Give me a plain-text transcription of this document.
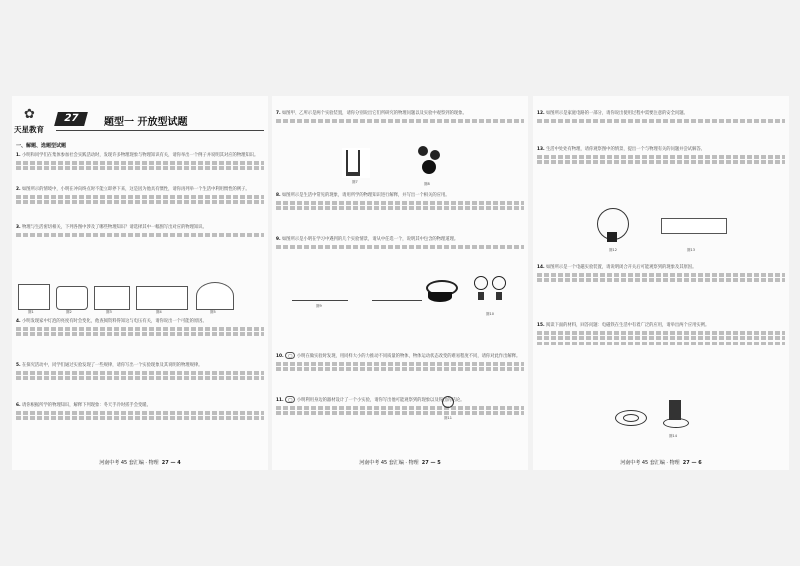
✿
天星教育
27	题型一 开放型试题
一、解题、选题型试题
1. 小明和同学们在集体参加社会实践活动时，发现许多物理现象与物理知识有关，请你举出一个例子并说明其对应的物理知识。
2. 如图所示的情境中，小明在冲向终点时不能立即停下来，这是因为他具有惯性，请你再列举一个生活中利用惯性的例子。
3. 物理与生活密切相关，下列各图中涉及了哪些物理知识？请选择其中一幅图写出对应的物理知识。
图1	图2	图3	图4	图5
4. 小明发现家中灯泡的亮度有时会变化，他查阅资料得知这与电压有关，请你说出一个可能的原因。
5. 在探究活动中，同学们通过实验发现了一些规律，请你写出一个实验现象及其说明的物理规律。
6. 请你根据所学的物理知识，解释下列现象：冬天手冷时搓手会变暖。
河南中考 45 套汇编 · 物理 27 — 4
7. 如图甲、乙所示是两个实验装置，请你分别说出它们所研究的物理问题以及实验中观察到的现象。
图7	图8
8. 如图所示是生活中常见的现象，请用所学的物理知识进行解释，并写出一个相关的应用。
9. 如图所示是小明在学习中遇到的几个实验情景，请从中任选一个，说明其中包含的物理道理。
图9
图10
10. ◯ 小明在做实验时发现，用同样大小的力推动不同质量的物体，物体运动状态改变的难易程度不同，请你对此作出解释。
11. ◯ 小明利用身边的器材设计了一个小实验，请你写出他可能观察到的现象以及得出的结论。
图11
河南中考 45 套汇编 · 物理 27 — 5
12. 如图所示是家庭电路的一部分，请你说出使用过程中需要注意的安全问题。
13. 生活中处处有物理，请你观察图中的情景，提出一个与物理有关的问题并尝试解答。
图12	图13
14. 如图所示是一个电磁实验装置，请说明闭合开关后可能观察到的现象及其原因。
15. 阅读下面的材料，回答问题：电磁铁在生活中有着广泛的应用，请举出两个应用实例。
图14
河南中考 45 套汇编 · 物理 27 — 6
